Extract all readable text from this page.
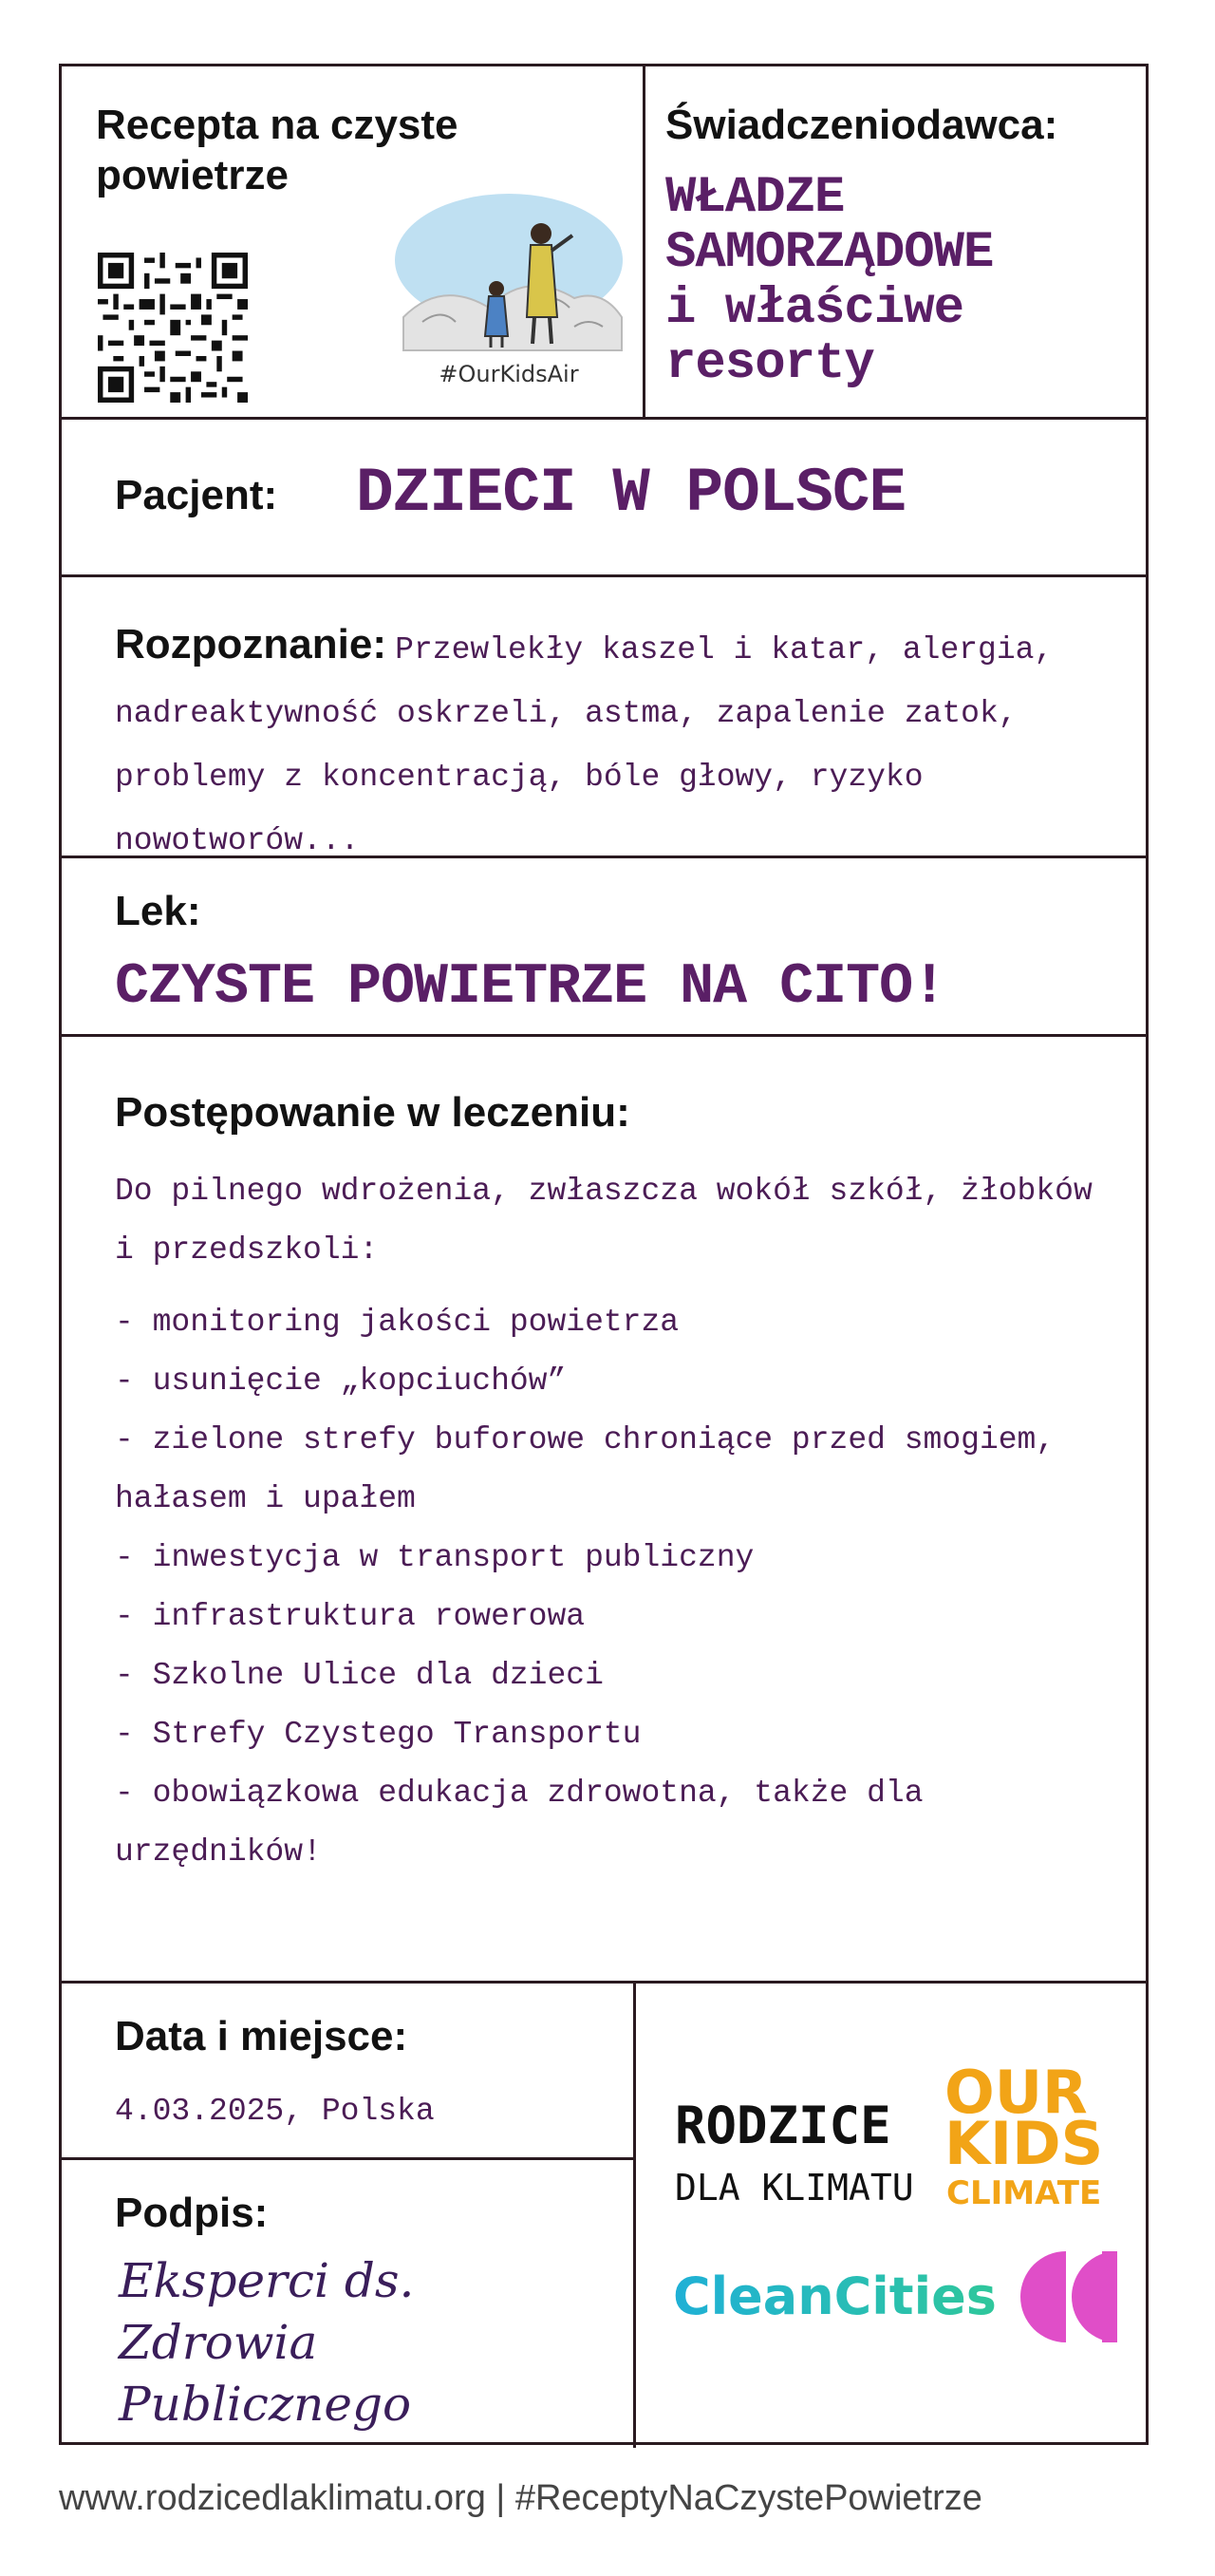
Recepta na czyste
powietrze
#OurKidsAir
Świadczeniodawca:
WŁADZE
SAMORZĄDOWE
i właściwe
resorty
Pacjent: DZIECI W POLSCE
Rozpoznanie: Przewlekły kaszel i katar, alergia, nadreaktywność oskrzeli, astma, zapalenie zatok, problemy z koncentracją, bóle głowy, ryzyko nowotworów...
Lek:
CZYSTE POWIETRZE NA CITO!
Postępowanie w leczeniu:
Do pilnego wdrożenia, zwłaszcza wokół szkół, żłobków i przedszkoli:
- monitoring jakości powietrza
- usunięcie „kopciuchów”
- zielone strefy buforowe chroniące przed smogiem, hałasem i upałem
- inwestycja w transport publiczny
- infrastruktura rowerowa
- Szkolne Ulice dla dzieci
- Strefy Czystego Transportu
- obowiązkowa edukacja zdrowotna, także dla urzędników!
Data i miejsce:
4.03.2025, Polska
Podpis:
Eksperci ds.
Zdrowia
Publicznego
RODZICE
DLA KLIMATU
OUR
KIDS
CLIMATE
CleanCities
www.rodzicedlaklimatu.org | #ReceptyNaCzystePowietrze
